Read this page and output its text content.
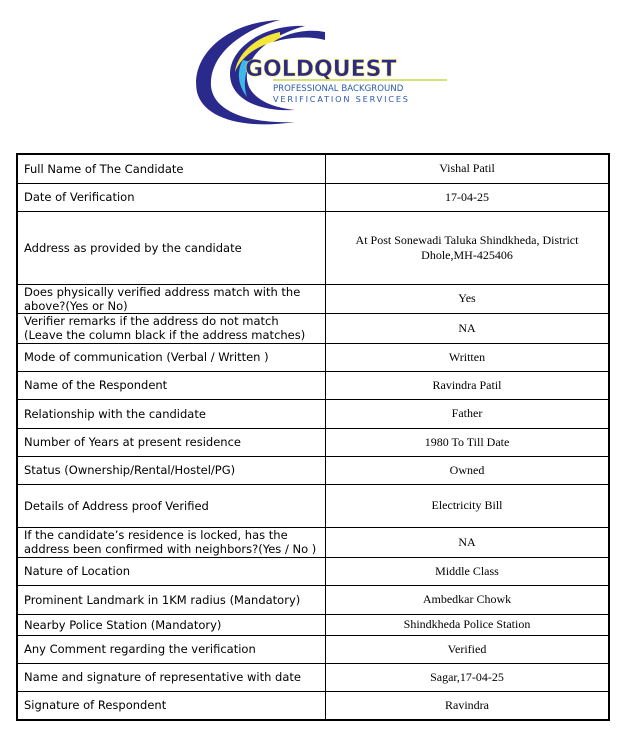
GOLDQUEST
PROFESSIONAL BACKGROUND
VERIFICATION SERVICES
Full Name of The Candidate	Vishal Patil
Date of Verification	17-04-25
Address as provided by the candidate	At Post Sonewadi Taluka Shindkheda, District Dhole,MH-425406
Does physically verified address match with the above?(Yes or No)	Yes
Verifier remarks if the address do not match (Leave the column black if the address matches)	NA
Mode of communication (Verbal / Written )	Written
Name of the Respondent	Ravindra Patil
Relationship with the candidate	Father
Number of Years at present residence	1980 To Till Date
Status (Ownership/Rental/Hostel/PG)	Owned
Details of Address proof Verified	Electricity Bill
If the candidate’s residence is locked, has the address been confirmed with neighbors?(Yes / No )	NA
Nature of Location	Middle Class
Prominent Landmark in 1KM radius (Mandatory)	Ambedkar Chowk
Nearby Police Station (Mandatory)	Shindkheda Police Station
Any Comment regarding the verification	Verified
Name and signature of representative with date	Sagar,17-04-25
Signature of Respondent	Ravindra
